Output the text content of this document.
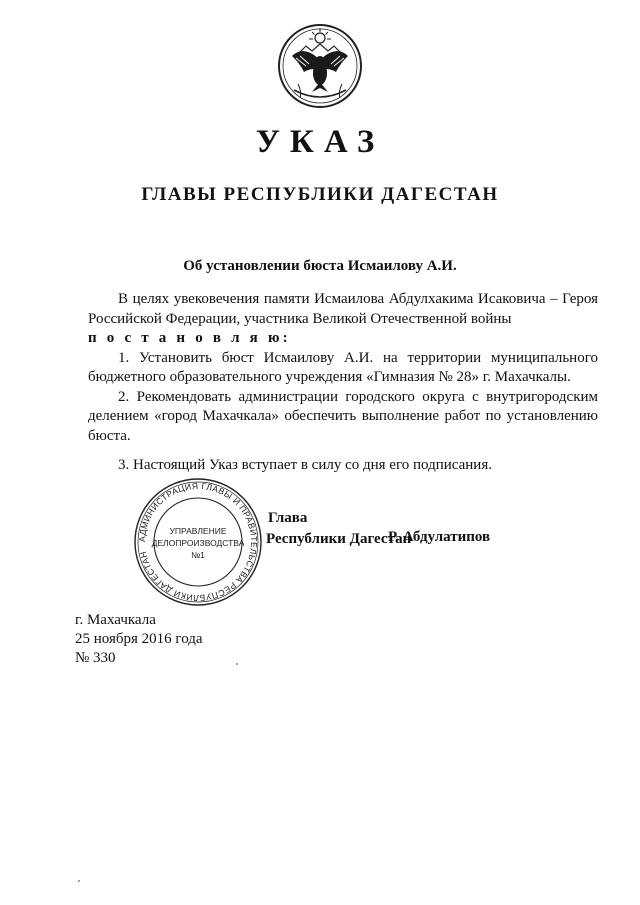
УКАЗ
ГЛАВЫ РЕСПУБЛИКИ ДАГЕСТАН
Об установлении бюста Исмаилову А.И.

В целях увековечения памяти Исмаилова Абдулхакима Исаковича – Героя Российской Федерации, участника Великой Отечественной войны

п о с т а н о в л я ю:

1. Установить бюст Исмаилову А.И. на территории муниципального бюджетного образовательного учреждения «Гимназия № 28» г. Махачкалы.

2. Рекомендовать администрации городского округа с внутригородским делением «город Махачкала» обеспечить выполнение работ по установлению бюста.

3. Настоящий Указ вступает в силу со дня его подписания.

АДМИНИСТРАЦИЯ ГЛАВЫ И ПРАВИТЕЛЬСТВА РЕСПУБЛИКИ ДАГЕСТАН
УПРАВЛЕНИЕ
ДЕЛОПРОИЗВОДСТВА
№1
Глава
Республики Дагестан
Р. Абдулатипов
г. Махачкала
25 ноября 2016 года
№ 330
